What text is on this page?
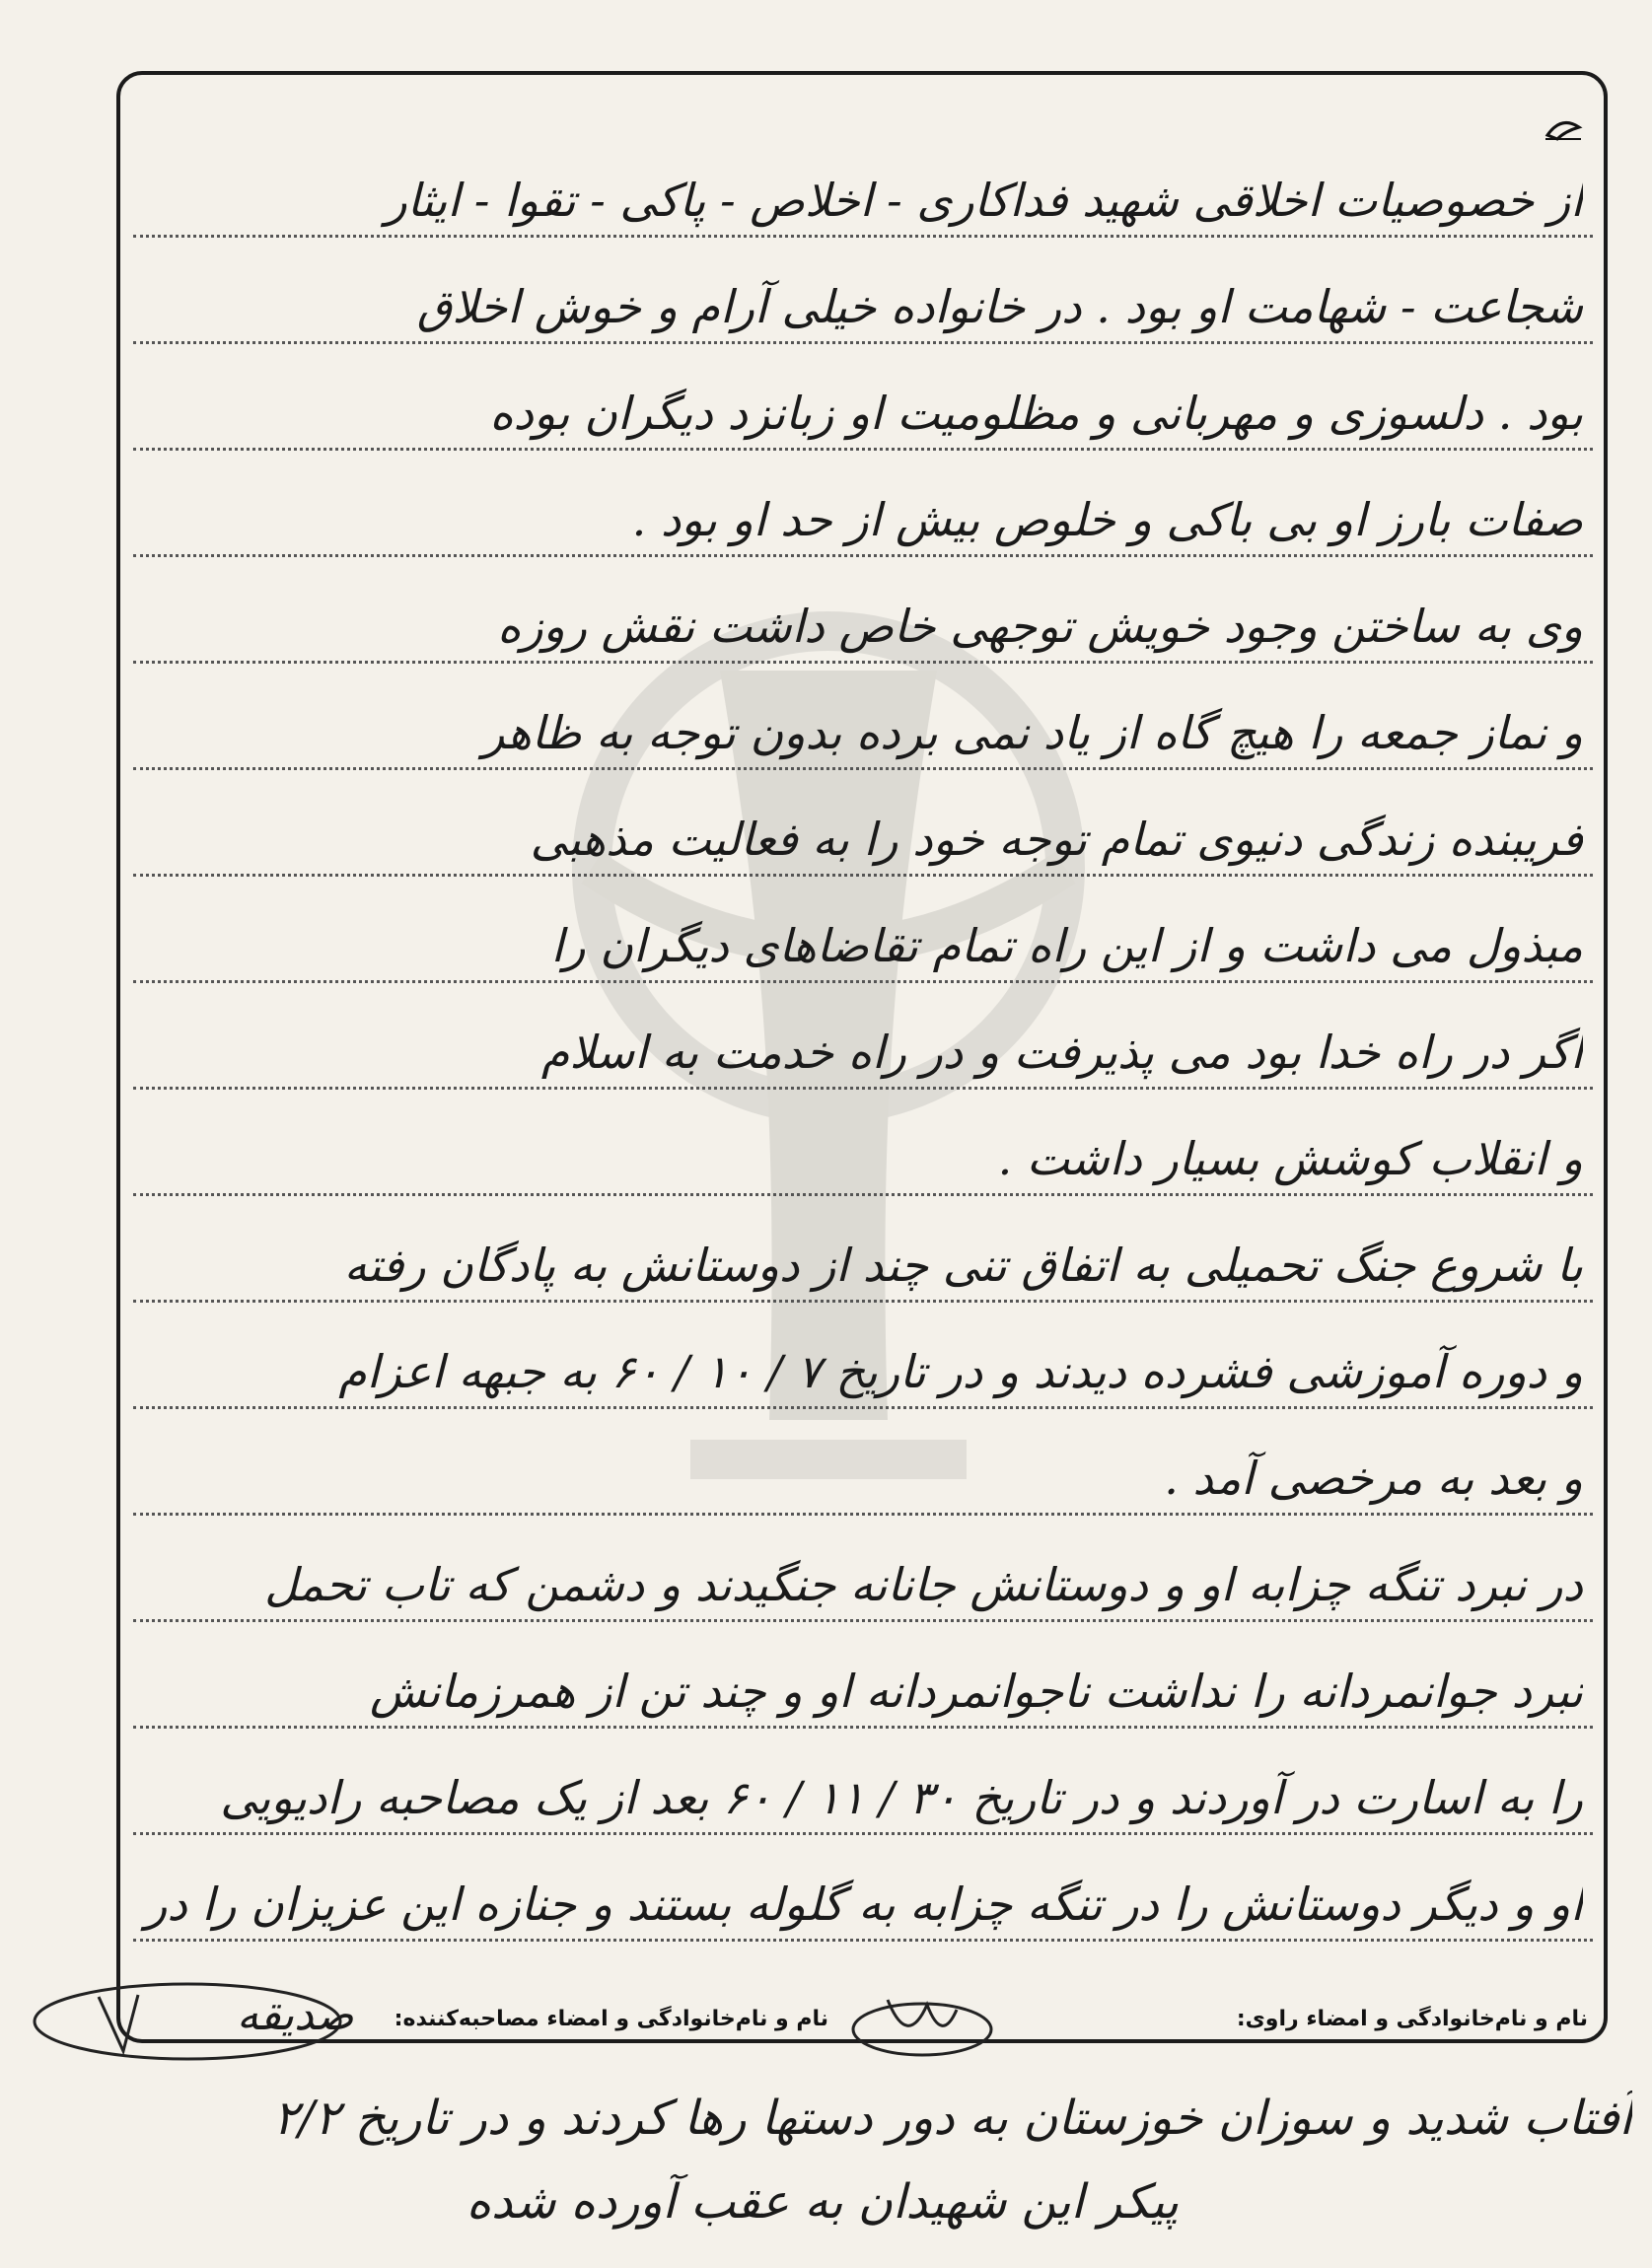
از خصوصیات اخلاقی شهید فداکاری - اخلاص - پاکی - تقوا - ایثار
شجاعت - شهامت او بود . در خانواده خیلی آرام و خوش اخلاق
بود . دلسوزی و مهربانی و مظلومیت او زبانزد دیگران بوده
صفات بارز او بی باکی و خلوص بیش از حد او بود .
وی به ساختن وجود خویش توجهی خاص داشت نقش روزه
و نماز جمعه را هیچ گاه از یاد نمی برده بدون توجه به ظاهر
فریبنده زندگی دنیوی تمام توجه خود را به فعالیت مذهبی
مبذول می داشت و از این راه تمام تقاضاهای دیگران را
اگر در راه خدا بود می پذیرفت و در راه خدمت به اسلام
و انقلاب کوشش بسیار داشت .
با شروع جنگ تحمیلی به اتفاق تنی چند از دوستانش به پادگان رفته
و دوره آموزشی فشرده دیدند و در تاریخ ۷ / ۱۰ / ۶۰ به جبهه اعزام
و بعد به مرخصی آمد .
در نبرد تنگه چزابه او و دوستانش جانانه جنگیدند و دشمن که تاب تحمل
نبرد جوانمردانه را نداشت ناجوانمردانه او و چند تن از همرزمانش
را به اسارت در آوردند و در تاریخ ۳۰ / ۱۱ / ۶۰ بعد از یک مصاحبه رادیویی
او و دیگر دوستانش را در تنگه چزابه به گلوله بستند و جنازه این عزیزان را در
نام و نام‌خانوادگی و امضاء راوی:
نام و نام‌خانوادگی و امضاء مصاحبه‌کننده:
صدیقه
آفتاب شدید و سوزان خوزستان به دور دستها رها کردند و در تاریخ ۲/۲
پیکر این شهیدان به عقب آورده شده
